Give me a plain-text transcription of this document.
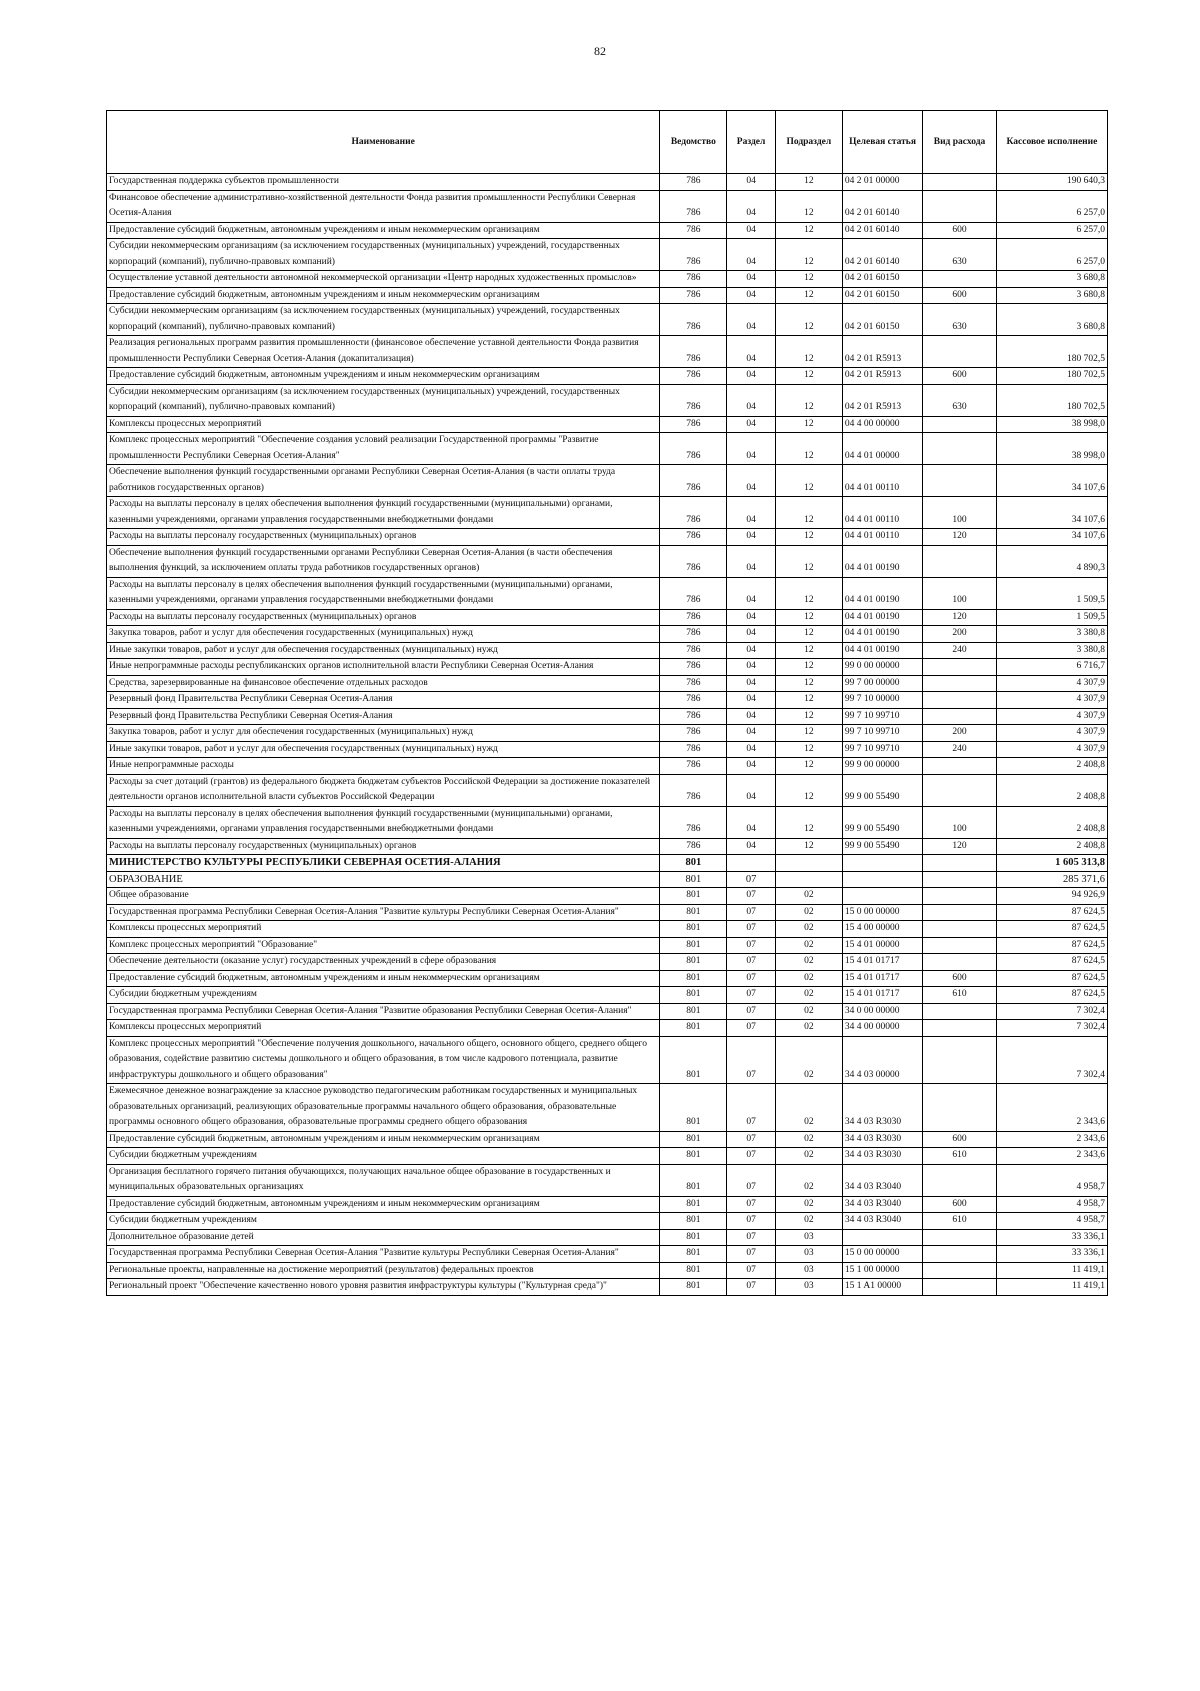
82
Наименование	Ведомство	Раздел	Подраздел	Целевая статья	Вид расхода	Кассовое исполнение
Государственная поддержка субъектов промышленности	786	04	12	04 2 01 00000		190 640,3
Финансовое обеспечение административно-хозяйственной деятельности Фонда развития промышленности Республики Северная Осетия-Алания	786	04	12	04 2 01 60140		6 257,0
Предоставление субсидий бюджетным, автономным учреждениям и иным некоммерческим организациям	786	04	12	04 2 01 60140	600	6 257,0
Субсидии некоммерческим организациям (за исключением государственных (муниципальных) учреждений, государственных корпораций (компаний), публично-правовых компаний)	786	04	12	04 2 01 60140	630	6 257,0
Осуществление уставной деятельности автономной некоммерческой организации «Центр народных художественных промыслов»	786	04	12	04 2 01 60150		3 680,8
Предоставление субсидий бюджетным, автономным учреждениям и иным некоммерческим организациям	786	04	12	04 2 01 60150	600	3 680,8
Субсидии некоммерческим организациям (за исключением государственных (муниципальных) учреждений, государственных корпораций (компаний), публично-правовых компаний)	786	04	12	04 2 01 60150	630	3 680,8
Реализация региональных программ развития промышленности (финансовое обеспечение уставной деятельности Фонда развития промышленности Республики Северная Осетия-Алания (докапитализация)	786	04	12	04 2 01 R5913		180 702,5
Предоставление субсидий бюджетным, автономным учреждениям и иным некоммерческим организациям	786	04	12	04 2 01 R5913	600	180 702,5
Субсидии некоммерческим организациям (за исключением государственных (муниципальных) учреждений, государственных корпораций (компаний), публично-правовых компаний)	786	04	12	04 2 01 R5913	630	180 702,5
Комплексы процессных мероприятий	786	04	12	04 4 00 00000		38 998,0
Комплекс процессных мероприятий "Обеспечение создания условий реализации Государственной программы "Развитие промышленности Республики Северная Осетия-Алания"	786	04	12	04 4 01 00000		38 998,0
Обеспечение выполнения функций государственными органами Республики Северная Осетия-Алания (в части оплаты труда работников государственных органов)	786	04	12	04 4 01 00110		34 107,6
Расходы на выплаты персоналу в целях обеспечения выполнения функций государственными (муниципальными) органами, казенными учреждениями, органами управления государственными внебюджетными фондами	786	04	12	04 4 01 00110	100	34 107,6
Расходы на выплаты персоналу государственных (муниципальных) органов	786	04	12	04 4 01 00110	120	34 107,6
Обеспечение выполнения функций государственными органами Республики Северная Осетия-Алания (в части обеспечения выполнения функций, за исключением оплаты труда работников государственных органов)	786	04	12	04 4 01 00190		4 890,3
Расходы на выплаты персоналу в целях обеспечения выполнения функций государственными (муниципальными) органами, казенными учреждениями, органами управления государственными внебюджетными фондами	786	04	12	04 4 01 00190	100	1 509,5
Расходы на выплаты персоналу государственных (муниципальных) органов	786	04	12	04 4 01 00190	120	1 509,5
Закупка товаров, работ и услуг для обеспечения государственных (муниципальных) нужд	786	04	12	04 4 01 00190	200	3 380,8
Иные закупки товаров, работ и услуг для обеспечения государственных (муниципальных) нужд	786	04	12	04 4 01 00190	240	3 380,8
Иные непрограммные расходы республиканских органов исполнительной власти Республики Северная Осетия-Алания	786	04	12	99 0 00 00000		6 716,7
Средства, зарезервированные на финансовое обеспечение отдельных расходов	786	04	12	99 7 00 00000		4 307,9
Резервный фонд Правительства Республики Северная Осетия-Алания	786	04	12	99 7 10 00000		4 307,9
Резервный фонд Правительства Республики Северная Осетия-Алания	786	04	12	99 7 10 99710		4 307,9
Закупка товаров, работ и услуг для обеспечения государственных (муниципальных) нужд	786	04	12	99 7 10 99710	200	4 307,9
Иные закупки товаров, работ и услуг для обеспечения государственных (муниципальных) нужд	786	04	12	99 7 10 99710	240	4 307,9
Иные непрограммные расходы	786	04	12	99 9 00 00000		2 408,8
Расходы за счет дотаций (грантов) из федерального бюджета бюджетам субъектов Российской Федерации за достижение показателей деятельности органов исполнительной власти субъектов Российской Федерации	786	04	12	99 9 00 55490		2 408,8
Расходы на выплаты персоналу в целях обеспечения выполнения функций государственными (муниципальными) органами, казенными учреждениями, органами управления государственными внебюджетными фондами	786	04	12	99 9 00 55490	100	2 408,8
Расходы на выплаты персоналу государственных (муниципальных) органов	786	04	12	99 9 00 55490	120	2 408,8
МИНИСТЕРСТВО КУЛЬТУРЫ РЕСПУБЛИКИ СЕВЕРНАЯ ОСЕТИЯ-АЛАНИЯ	801					1 605 313,8
ОБРАЗОВАНИЕ	801	07				285 371,6
Общее образование	801	07	02			94 926,9
Государственная программа Республики Северная Осетия-Алания "Развитие культуры Республики Северная Осетия-Алания"	801	07	02	15 0 00 00000		87 624,5
Комплексы процессных мероприятий	801	07	02	15 4 00 00000		87 624,5
Комплекс процессных мероприятий "Образование"	801	07	02	15 4 01 00000		87 624,5
Обеспечение деятельности (оказание услуг) государственных учреждений в сфере образования	801	07	02	15 4 01 01717		87 624,5
Предоставление субсидий бюджетным, автономным учреждениям и иным некоммерческим организациям	801	07	02	15 4 01 01717	600	87 624,5
Субсидии бюджетным учреждениям	801	07	02	15 4 01 01717	610	87 624,5
Государственная программа Республики Северная Осетия-Алания "Развитие образования Республики Северная Осетия-Алания"	801	07	02	34 0 00 00000		7 302,4
Комплексы процессных мероприятий	801	07	02	34 4 00 00000		7 302,4
Комплекс процессных мероприятий "Обеспечение получения дошкольного, начального общего, основного общего, среднего общего образования, содействие развитию системы дошкольного и общего образования, в том числе кадрового потенциала, развитие инфраструктуры дошкольного и общего образования"	801	07	02	34 4 03 00000		7 302,4
Ежемесячное денежное вознаграждение за классное руководство педагогическим работникам государственных и муниципальных образовательных организаций, реализующих образовательные программы начального общего образования, образовательные программы основного общего образования, образовательные программы среднего общего образования	801	07	02	34 4 03 R3030		2 343,6
Предоставление субсидий бюджетным, автономным учреждениям и иным некоммерческим организациям	801	07	02	34 4 03 R3030	600	2 343,6
Субсидии бюджетным учреждениям	801	07	02	34 4 03 R3030	610	2 343,6
Организация бесплатного горячего питания обучающихся, получающих начальное общее образование в государственных и муниципальных образовательных организациях	801	07	02	34 4 03 R3040		4 958,7
Предоставление субсидий бюджетным, автономным учреждениям и иным некоммерческим организациям	801	07	02	34 4 03 R3040	600	4 958,7
Субсидии бюджетным учреждениям	801	07	02	34 4 03 R3040	610	4 958,7
Дополнительное образование детей	801	07	03			33 336,1
Государственная программа Республики Северная Осетия-Алания "Развитие культуры Республики Северная Осетия-Алания"	801	07	03	15 0 00 00000		33 336,1
Региональные проекты, направленные на достижение мероприятий (результатов) федеральных проектов	801	07	03	15 1 00 00000		11 419,1
Региональный проект "Обеспечение качественно нового уровня развития инфраструктуры культуры ("Культурная среда")"	801	07	03	15 1 A1 00000		11 419,1
